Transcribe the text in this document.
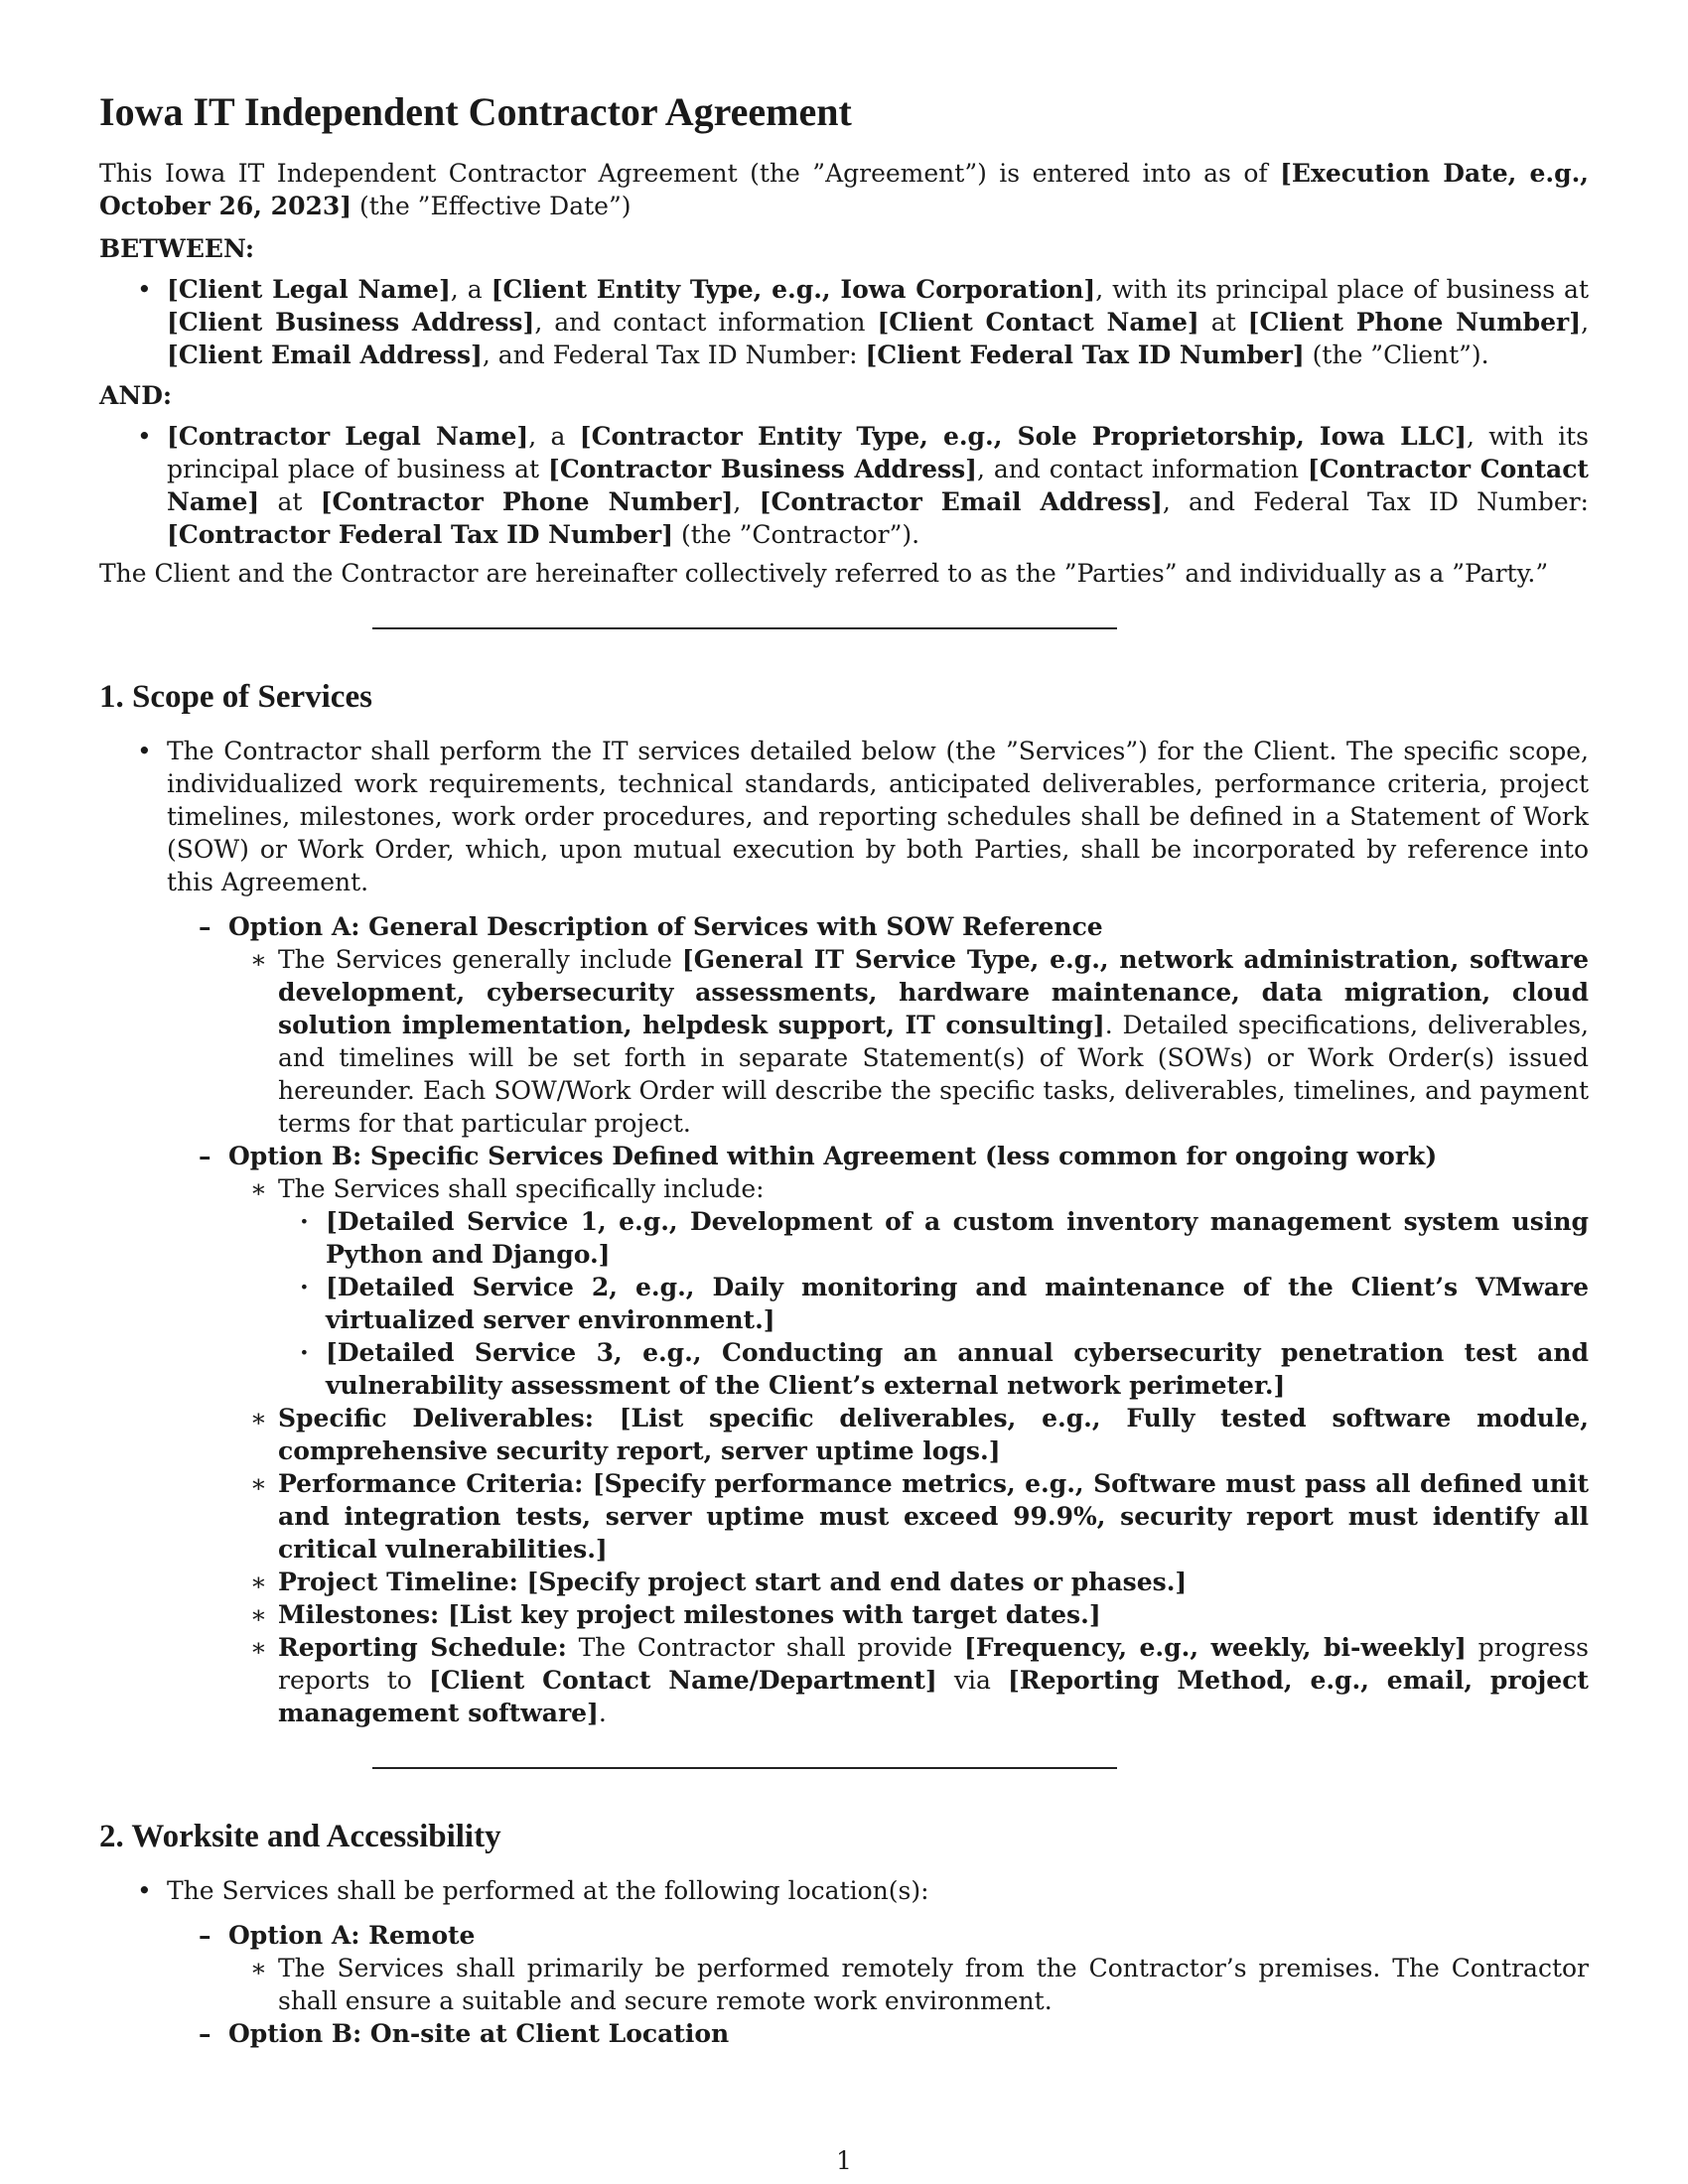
Iowa IT Independent Contractor Agreement

This Iowa IT Independent Contractor Agreement (the ”Agreement”) is entered into as of [Execution Date, e.g., October 26, 2023] (the ”Effective Date”)

BETWEEN:

• [Client Legal Name], a [Client Entity Type, e.g., Iowa Corporation], with its principal place of business at [Client Business Address], and contact information [Client Contact Name] at [Client Phone Number], [Client Email Address], and Federal Tax ID Number: [Client Federal Tax ID Number] (the ”Client”).

AND:

• [Contractor Legal Name], a [Contractor Entity Type, e.g., Sole Proprietorship, Iowa LLC], with its principal place of business at [Contractor Business Address], and contact information [Contractor Contact Name] at [Contractor Phone Number], [Contractor Email Address], and Federal Tax ID Number: [Contractor Federal Tax ID Number] (the ”Contractor”).

The Client and the Contractor are hereinafter collectively referred to as the ”Parties” and individually as a ”Party.”

1. Scope of Services
• The Contractor shall perform the IT services detailed below (the ”Services”) for the Client. The specific scope, individualized work requirements, technical standards, anticipated deliverables, performance criteria, project timelines, milestones, work order procedures, and reporting schedules shall be defined in a Statement of Work (SOW) or Work Order, which, upon mutual execution by both Parties, shall be incorporated by reference into this Agreement.
– Option A: General Description of Services with SOW Reference
∗ The Services generally include [General IT Service Type, e.g., network administration, software development, cybersecurity assessments, hardware maintenance, data migration, cloud solution implementation, helpdesk support, IT consulting]. Detailed specifications, deliverables, and timelines will be set forth in separate Statement(s) of Work (SOWs) or Work Order(s) issued hereunder. Each SOW/Work Order will describe the specific tasks, deliverables, timelines, and payment terms for that particular project.
– Option B: Specific Services Defined within Agreement (less common for ongoing work)
∗ The Services shall specifically include:
· [Detailed Service 1, e.g., Development of a custom inventory management system using Python and Django.]
· [Detailed Service 2, e.g., Daily monitoring and maintenance of the Client’s VMware virtualized server environment.]
· [Detailed Service 3, e.g., Conducting an annual cybersecurity penetration test and vulnerability assessment of the Client’s external network perimeter.]
∗ Specific Deliverables: [List specific deliverables, e.g., Fully tested software module, comprehensive security report, server uptime logs.]
∗ Performance Criteria: [Specify performance metrics, e.g., Software must pass all defined unit and integration tests, server uptime must exceed 99.9%, security report must identify all critical vulnerabilities.]
∗ Project Timeline: [Specify project start and end dates or phases.]
∗ Milestones: [List key project milestones with target dates.]
∗ Reporting Schedule: The Contractor shall provide [Frequency, e.g., weekly, bi-weekly] progress reports to [Client Contact Name/Department] via [Reporting Method, e.g., email, project management software].
2. Worksite and Accessibility
• The Services shall be performed at the following location(s):
– Option A: Remote
∗ The Services shall primarily be performed remotely from the Contractor’s premises. The Contractor shall ensure a suitable and secure remote work environment.
– Option B: On-site at Client Location
1
